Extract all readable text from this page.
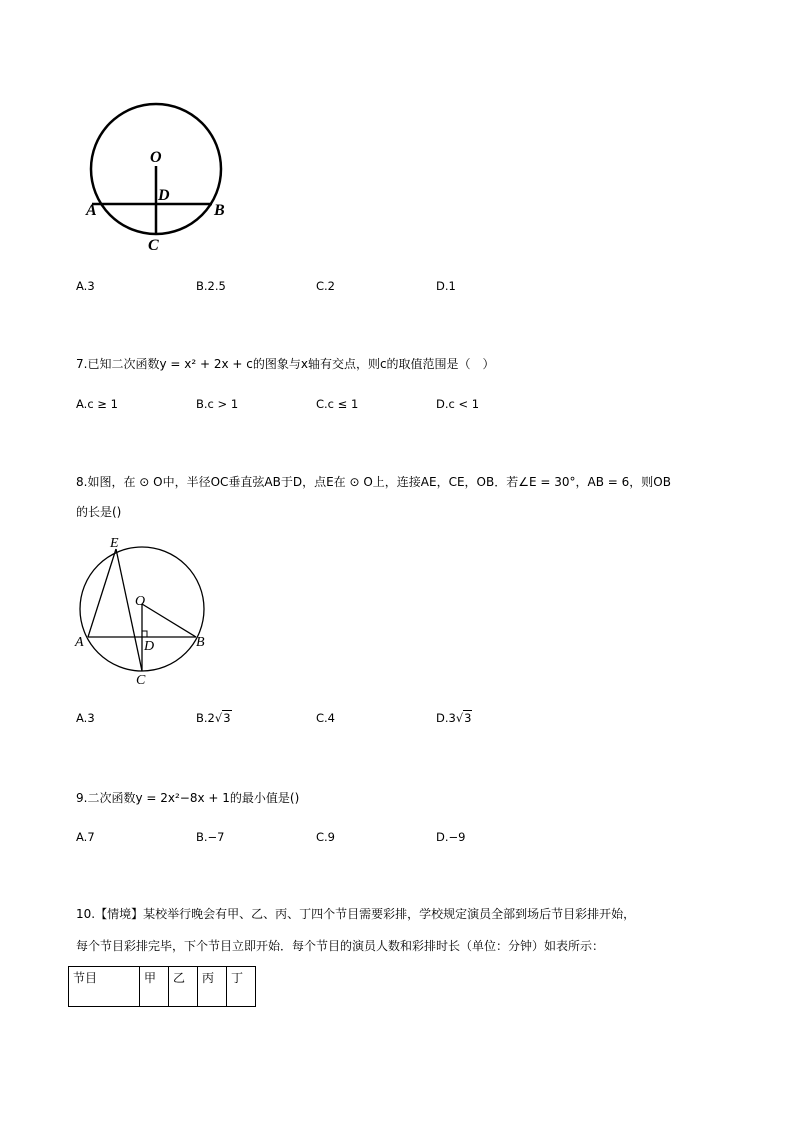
O
D
A	B
C
A.3	B.2.5	C.2	D.1
7.已知二次函数y = x² + 2x + c的图象与x轴有交点，则c的取值范围是（　）
A.c ≥ 1	B.c > 1	C.c ≤ 1	D.c < 1
8.如图，在 ⊙ O中，半径OC垂直弦AB于D，点E在 ⊙ O上，连接AE，CE，OB．若∠E = 30°，AB = 6，则OB
的长是()
E
O
A	D	B
C
A.3	B.2√3	C.4	D.3√3
9.二次函数y = 2x²−8x + 1的最小值是()
A.7	B.−7	C.9	D.−9
10.【情境】某校举行晚会有甲、乙、丙、丁四个节目需要彩排，学校规定演员全部到场后节目彩排开始，
每个节目彩排完毕，下个节目立即开始．每个节目的演员人数和彩排时长（单位：分钟）如表所示：
节目	甲	乙	丙	丁
